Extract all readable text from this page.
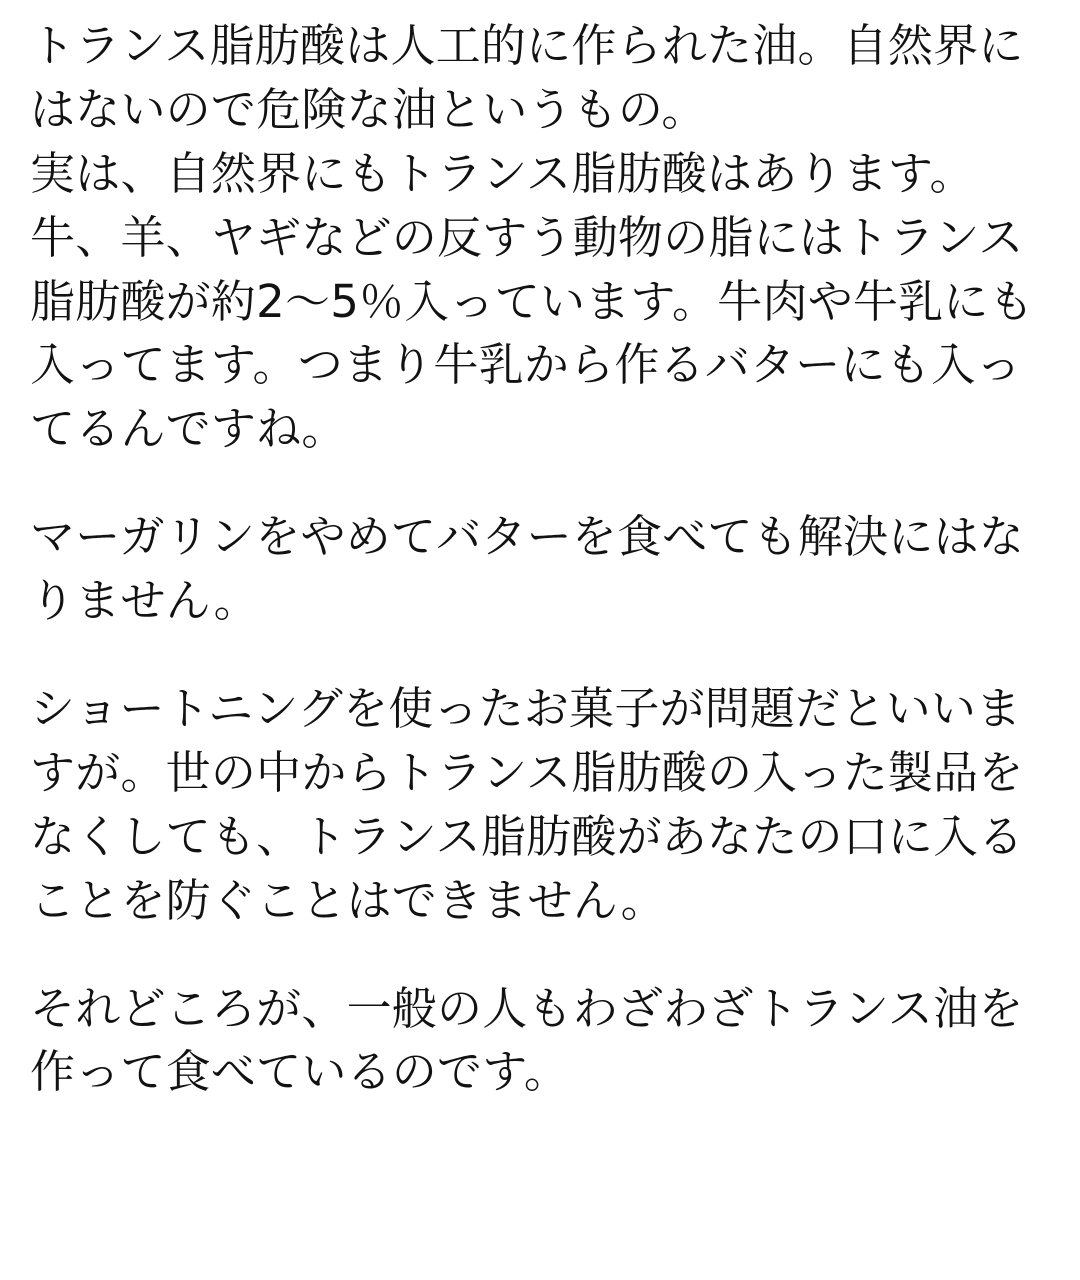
トランス脂肪酸は人工的に作られた油。自然界にはないので危険な油というもの。

実は、自然界にもトランス脂肪酸はあります。牛、羊、ヤギなどの反すう動物の脂にはトランス脂肪酸が約2〜5％入っています。牛肉や牛乳にも入ってます。つまり牛乳から作るバターにも入ってるんですね。

マーガリンをやめてバターを食べても解決にはなりません。

ショートニングを使ったお菓子が問題だといいますが。世の中からトランス脂肪酸の入った製品をなくしても、トランス脂肪酸があなたの口に入ることを防ぐことはできません。

それどころが、一般の人もわざわざトランス油を作って食べているのです。
